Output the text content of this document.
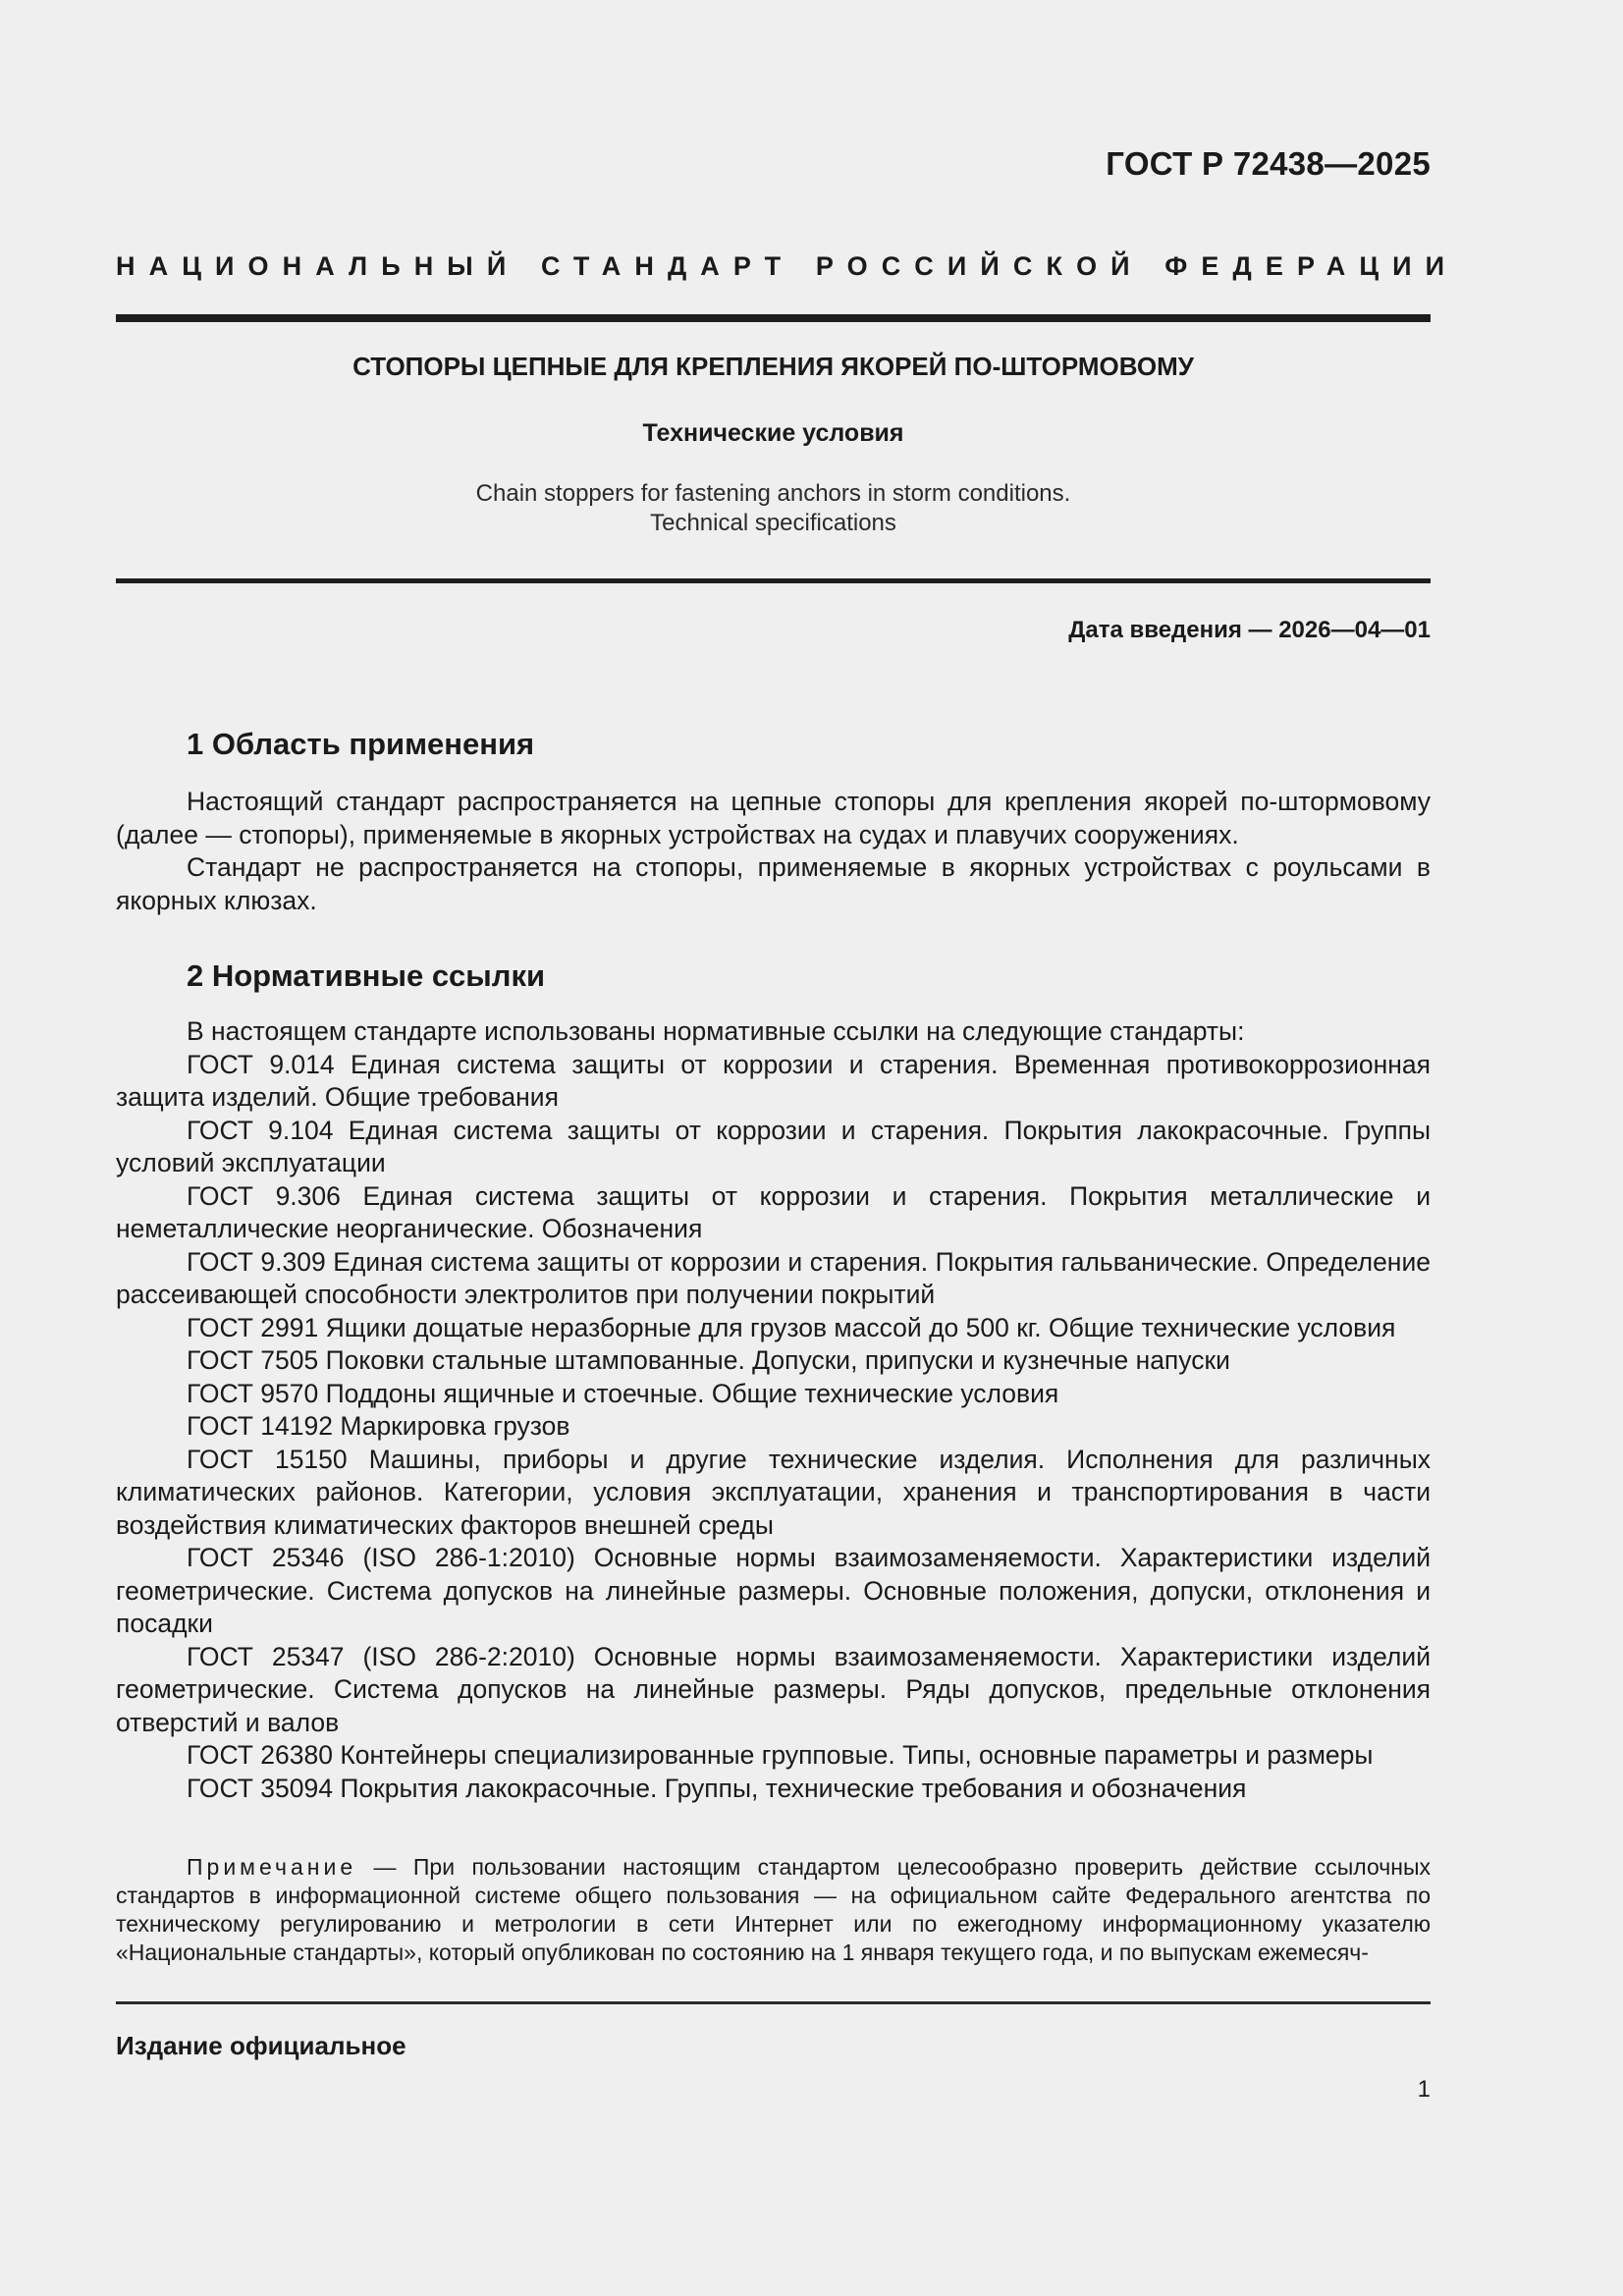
ГОСТ Р 72438—2025
НАЦИОНАЛЬНЫЙ СТАНДАРТ РОССИЙСКОЙ ФЕДЕРАЦИИ
СТОПОРЫ ЦЕПНЫЕ ДЛЯ КРЕПЛЕНИЯ ЯКОРЕЙ ПО-ШТОРМОВОМУ
Технические условия
Chain stoppers for fastening anchors in storm conditions.
Technical specifications
Дата введения — 2026—04—01
1 Область применения

Настоящий стандарт распространяется на цепные стопоры для крепления якорей по-штормовому (далее — стопоры), применяемые в якорных устройствах на судах и плавучих сооружениях.

Стандарт не распространяется на стопоры, применяемые в якорных устройствах с роульсами в якорных клюзах.

2 Нормативные ссылки

В настоящем стандарте использованы нормативные ссылки на следующие стандарты:

ГОСТ 9.014 Единая система защиты от коррозии и старения. Временная противокоррозионная защита изделий. Общие требования

ГОСТ 9.104 Единая система защиты от коррозии и старения. Покрытия лакокрасочные. Группы условий эксплуатации

ГОСТ 9.306 Единая система защиты от коррозии и старения. Покрытия металлические и неметаллические неорганические. Обозначения

ГОСТ 9.309 Единая система защиты от коррозии и старения. Покрытия гальванические. Определение рассеивающей способности электролитов при получении покрытий

ГОСТ 2991 Ящики дощатые неразборные для грузов массой до 500 кг. Общие технические условия

ГОСТ 7505 Поковки стальные штампованные. Допуски, припуски и кузнечные напуски

ГОСТ 9570 Поддоны ящичные и стоечные. Общие технические условия

ГОСТ 14192 Маркировка грузов

ГОСТ 15150 Машины, приборы и другие технические изделия. Исполнения для различных климатических районов. Категории, условия эксплуатации, хранения и транспортирования в части воздействия климатических факторов внешней среды

ГОСТ 25346 (ISO 286-1:2010) Основные нормы взаимозаменяемости. Характеристики изделий геометрические. Система допусков на линейные размеры. Основные положения, допуски, отклонения и посадки

ГОСТ 25347 (ISO 286-2:2010) Основные нормы взаимозаменяемости. Характеристики изделий геометрические. Система допусков на линейные размеры. Ряды допусков, предельные отклонения отверстий и валов

ГОСТ 26380 Контейнеры специализированные групповые. Типы, основные параметры и размеры

ГОСТ 35094 Покрытия лакокрасочные. Группы, технические требования и обозначения

Примечание — При пользовании настоящим стандартом целесообразно проверить действие ссылочных стандартов в информационной системе общего пользования — на официальном сайте Федерального агентства по техническому регулированию и метрологии в сети Интернет или по ежегодному информационному указателю «Национальные стандарты», который опубликован по состоянию на 1 января текущего года, и по выпускам ежемесяч-

Издание официальное
1
